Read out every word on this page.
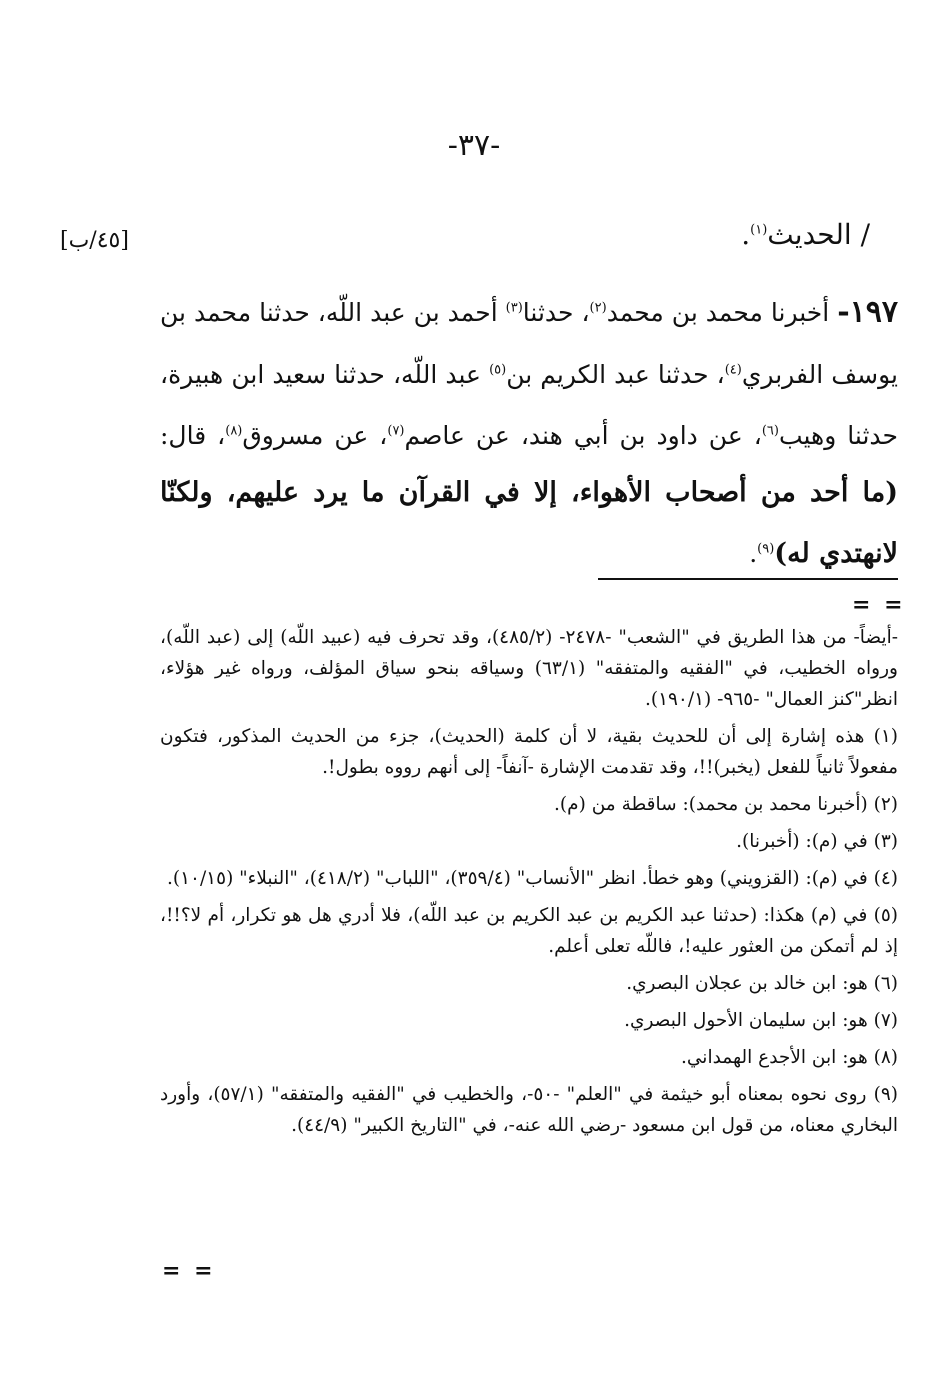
-٣٧-
[٤٥/ب]	/ الحديث$^{(١)}$.
١٩٧- أخبرنا محمد بن محمد$^{(٢)}$، حدثنا$^{(٣)}$ أحمد بن عبد اللّه، حدثنا محمد بن يوسف الفربري$^{(٤)}$، حدثنا عبد الكريم بن$^{(٥)}$ عبد اللّه، حدثنا سعيد ابن هبيرة، حدثنا وهيب$^{(٦)}$، عن داود بن أبي هند، عن عاصم$^{(٧)}$، عن مسروق$^{(٨)}$، قال: (ما أحد من أصحاب الأهواء، إلا في القرآن ما يرد عليهم، ولكنّا لانهتدي له)$^{(٩)}$.
= =

-أيضاً- من هذا الطريق في "الشعب" -٢٤٧٨- (٤٨٥/٢)، وقد تحرف فيه (عبيد اللّه) إلى (عبد اللّه)، ورواه الخطيب، في "الفقيه والمتفقه" (٦٣/١) وسياقه بنحو سياق المؤلف، ورواه غير هؤلاء، انظر"كنز العمال" -٩٦٥- (١٩٠/١).

(١) هذه إشارة إلى أن للحديث بقية، لا أن كلمة (الحديث)، جزء من الحديث المذكور، فتكون مفعولاً ثانياً للفعل (يخبر)!!، وقد تقدمت الإشارة -آنفاً- إلى أنهم رووه بطول!.

(٢) (أخبرنا محمد بن محمد): ساقطة من (م).

(٣) في (م): (أخبرنا).

(٤) في (م): (القزويني) وهو خطأ. انظر "الأنساب" (٣٥٩/٤)، "اللباب" (٤١٨/٢)، "النبلاء" (١٠/١٥).

(٥) في (م) هكذا: (حدثنا عبد الكريم بن عبد الكريم بن عبد اللّه)، فلا أدري هل هو تكرار، أم لا؟!!، إذ لم أتمكن من العثور عليه!، فاللّه تعلى أعلم.

(٦) هو: ابن خالد بن عجلان البصري.

(٧) هو: ابن سليمان الأحول البصري.

(٨) هو: ابن الأجدع الهمداني.

(٩) روى نحوه بمعناه أبو خيثمة في "العلم" -٥٠-، والخطيب في "الفقيه والمتفقه" (٥٧/١)، وأورد البخاري معناه، من قول ابن مسعود -رضي الله عنه-، في "التاريخ الكبير" (٤٤/٩).

= =
